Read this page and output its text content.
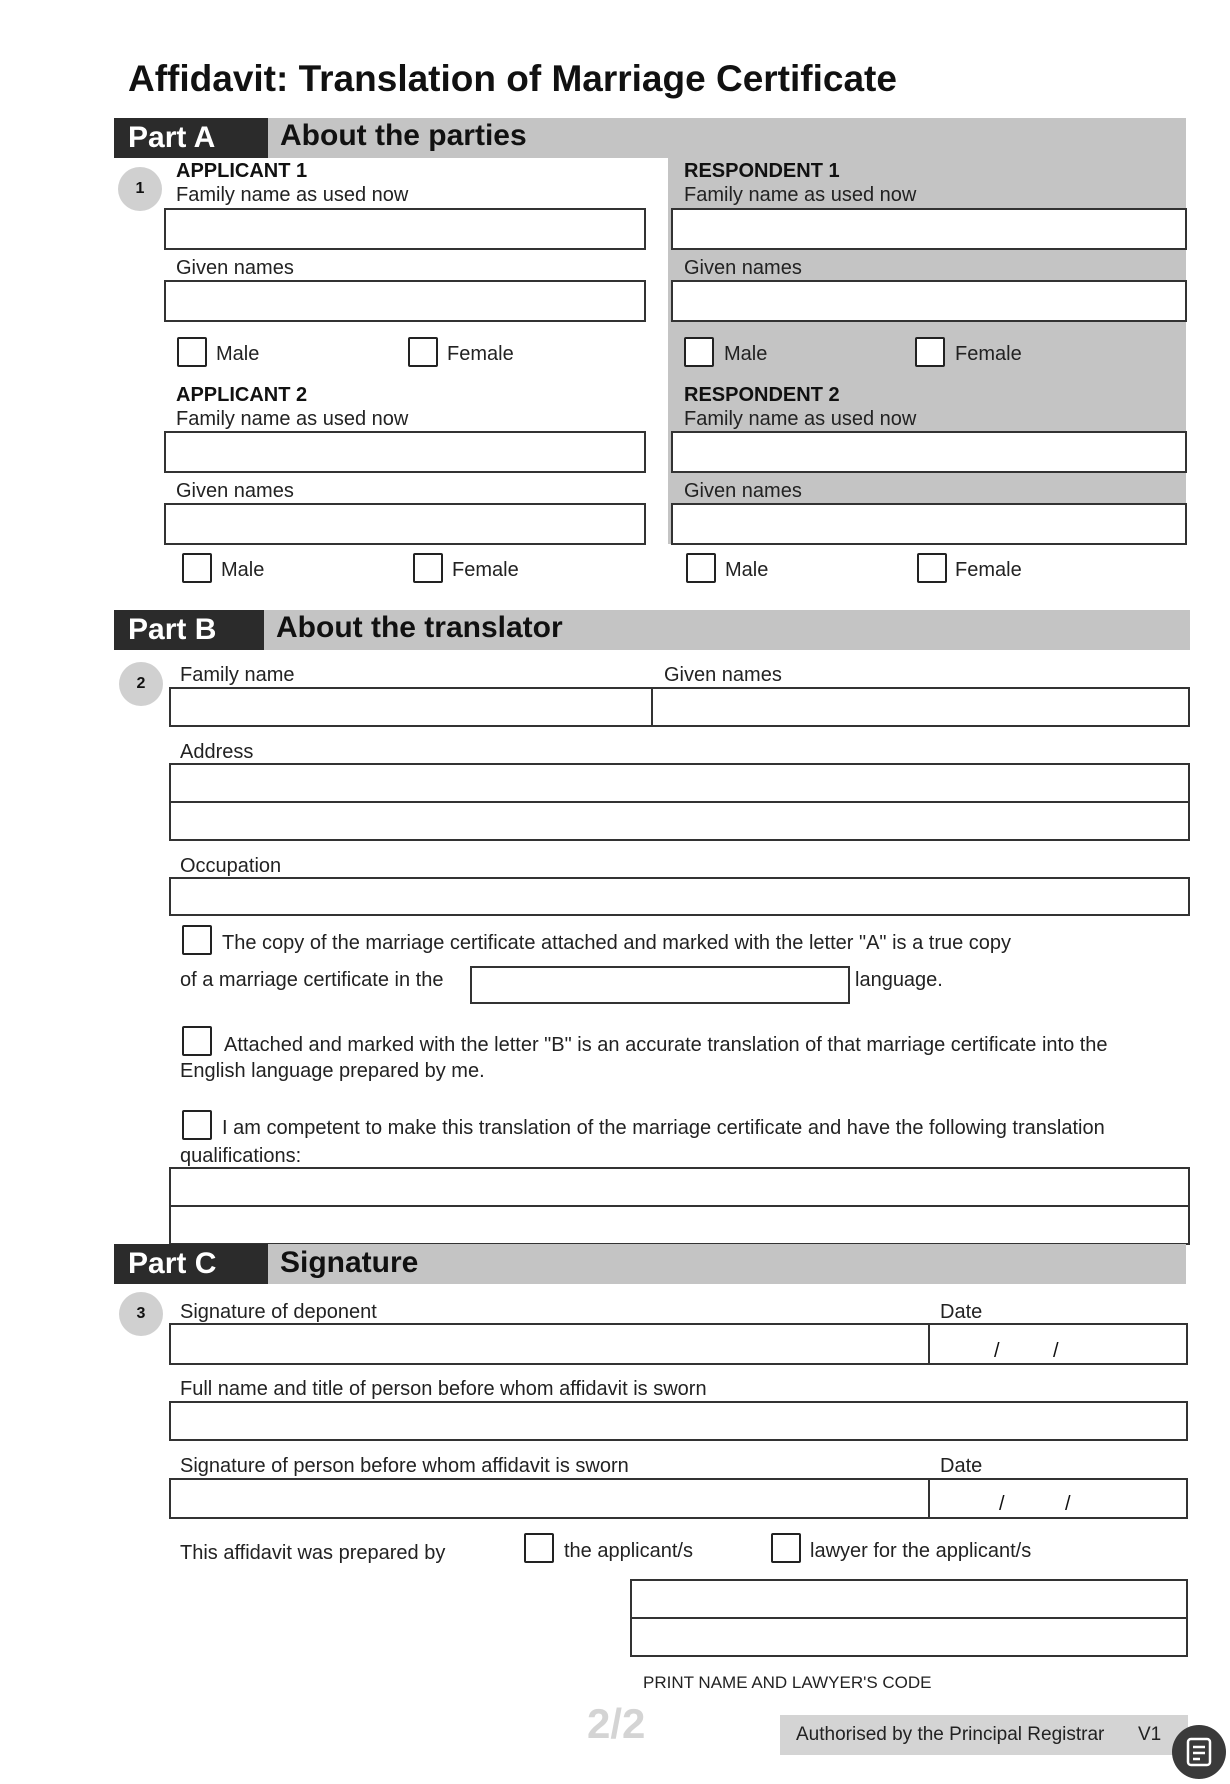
Affidavit: Translation of Marriage Certificate
Part A	About the parties
1
APPLICANT 1
Family name as used now
Given names
Male	Female
RESPONDENT 1
Family name as used now
Given names
Male	Female
APPLICANT 2
Family name as used now
Given names
Male	Female
RESPONDENT 2
Family name as used now
Given names
Male	Female
Part B	About the translator
2	Family name	Given names
Address
Occupation
The copy of the marriage certificate attached and marked with the letter "A" is a true copy
of a marriage certificate in the	language.
Attached and marked with the letter "B" is an accurate translation of that marriage certificate into the
English language prepared by me.
I am competent to make this translation of the marriage certificate and have the following translation
qualifications:
Part C	Signature
3	Signature of deponent	Date
/	/
Full name and title of person before whom affidavit is sworn
Signature of person before whom affidavit is sworn	Date
/	/
This affidavit was prepared by	the applicant/s	lawyer for the applicant/s
PRINT NAME AND LAWYER'S CODE
2/2	Authorised by the Principal Registrar V1
